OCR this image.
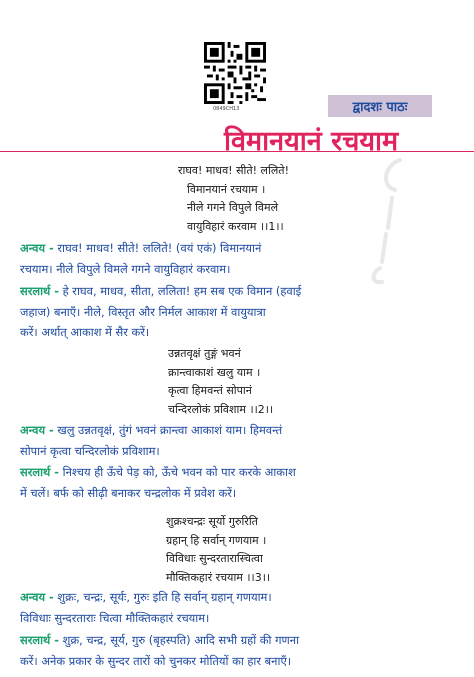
0849CH13	द्वादशः पाठः
विमानयानं रचयाम
राघव! माधव! सीते! ललिते!
विमानयानं रचयाम ।
नीले गगने विपुले विमले
वायुविहारं करवाम ।।1।।
अन्वय - राघव! माधव! सीते! ललिते! (वयं एकं) विमानयानं
रचयाम। नीले विपुले विमले गगने वायुविहारं करवाम।
सरलार्थ - हे राघव, माधव, सीता, ललिता! हम सब एक विमान (हवाई
जहाज) बनाएँ। नीले, विस्तृत और निर्मल आकाश में वायुयात्रा
करें। अर्थात् आकाश में सैर करें।
उन्नतवृक्षं तुङ्गं भवनं
क्रान्त्वाकाशं खलु याम ।
कृत्वा हिमवन्तं सोपानं
चन्दिरलोकं प्रविशाम ।।2।।
अन्वय - खलु उन्नतवृक्षं, तुंगं भवनं क्रान्त्वा आकाशं याम। हिमवन्तं
सोपानं कृत्वा चन्दिरलोकं प्रविशाम।
सरलार्थ - निश्चय ही ऊँचे पेड़ को, ऊँचे भवन को पार करके आकाश
में चलें। बर्फ को सीढ़ी बनाकर चन्द्रलोक में प्रवेश करें।
शुक्रश्चन्द्रः सूर्यो गुरुरिति
ग्रहान् हि सर्वान् गणयाम ।
विविधाः सुन्दरतारास्चित्वा
मौक्तिकहारं रचयाम ।।3।।
अन्वय - शुक्रः, चन्द्रः, सूर्यः, गुरुः इति हि सर्वान् ग्रहान् गणयाम।
विविधाः सुन्दरताराः चित्वा मौक्तिकहारं रचयाम।
सरलार्थ - शुक्र, चन्द्र, सूर्य, गुरु (बृहस्पति) आदि सभी ग्रहों की गणना
करें। अनेक प्रकार के सुन्दर तारों को चुनकर मोतियों का हार बनाएँ।
